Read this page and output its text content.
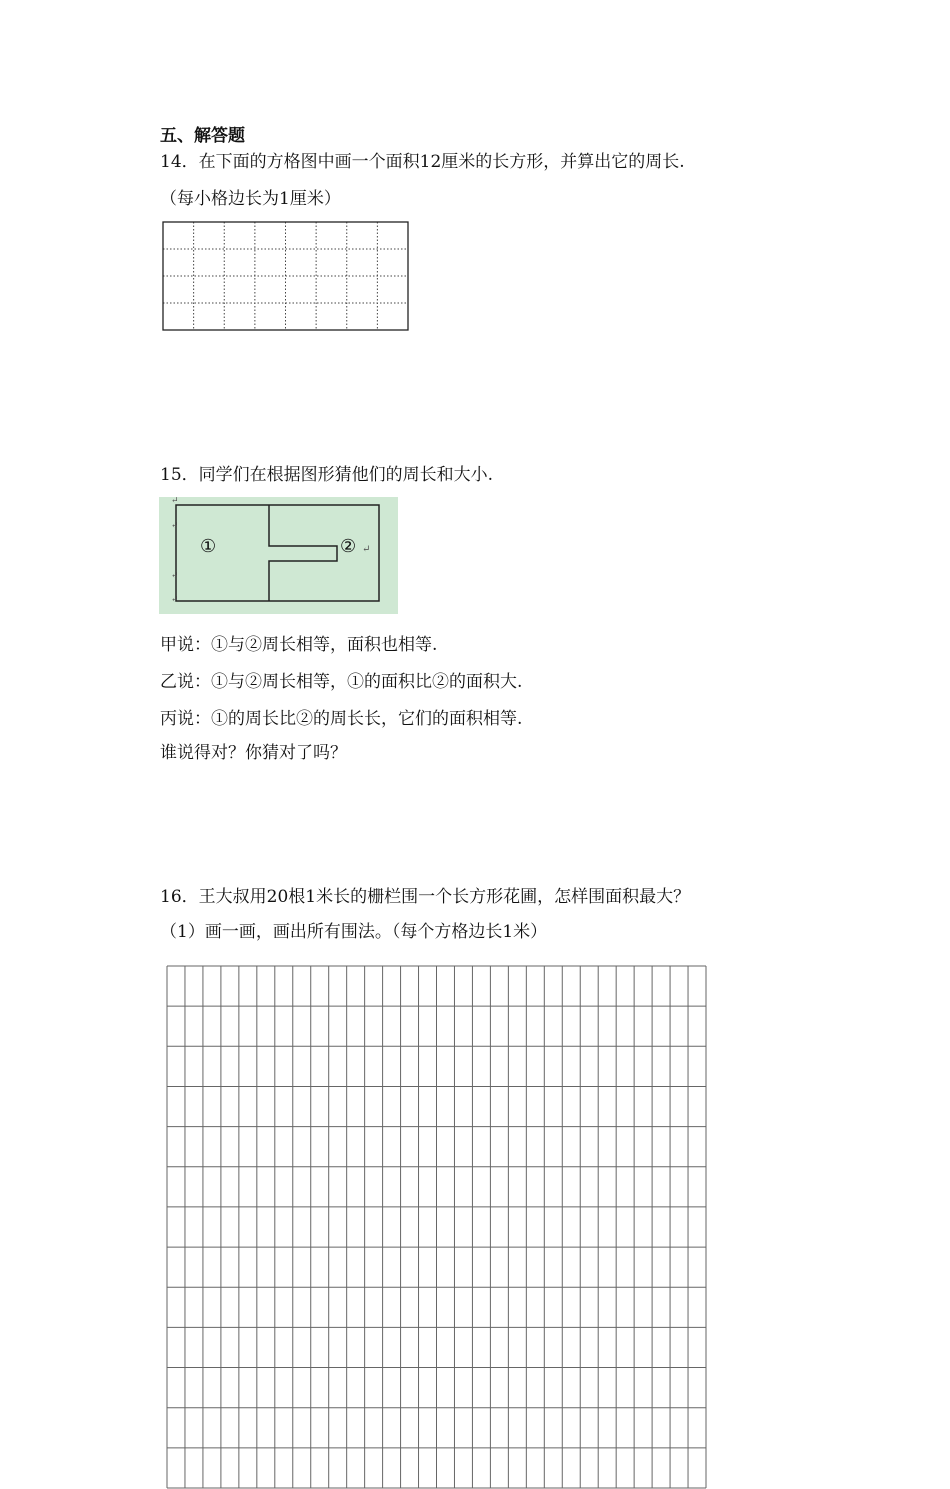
五、解答题
14．在下面的方格图中画一个面积12厘米的长方形，并算出它的周长.
（每小格边长为1厘米）
15．同学们在根据图形猜他们的周长和大小.
↵
↵
↵
↵
↵
①	②
甲说：①与②周长相等，面积也相等.
乙说：①与②周长相等，①的面积比②的面积大.
丙说：①的周长比②的周长长，它们的面积相等.
谁说得对？你猜对了吗？
16．王大叔用20根1米长的栅栏围一个长方形花圃，怎样围面积最大？
（1）画一画，画出所有围法。（每个方格边长1米）
